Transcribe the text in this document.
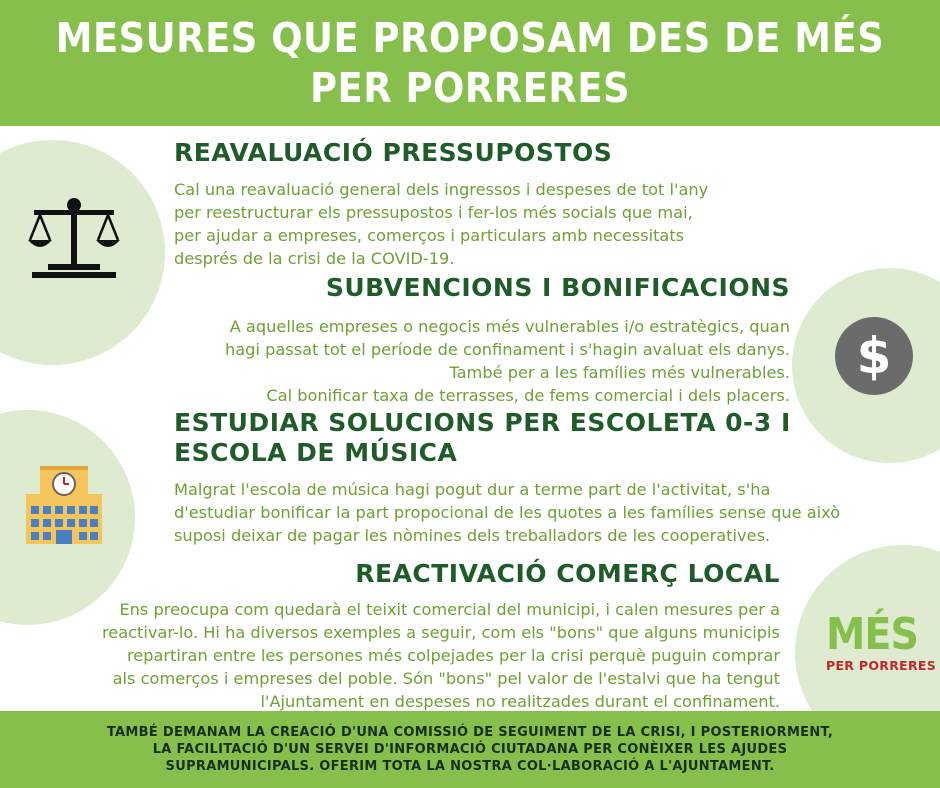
MESURES QUE PROPOSAM DES DE MÉS
PER PORRERES
REAVALUACIÓ PRESSUPOSTOS
Cal una reavaluació general dels ingressos i despeses de tot l'any
per reestructurar els pressupostos i fer-los més socials que mai,
per ajudar a empreses, comerços i particulars amb necessitats
després de la crisi de la COVID-19.
SUBVENCIONS I BONIFICACIONS
$
A aquelles empreses o negocis més vulnerables i/o estratègics, quan
hagi passat tot el període de confinament i s'hagin avaluat els danys.
També per a les famílies més vulnerables.
Cal bonificar taxa de terrasses, de fems comercial i dels placers.
ESTUDIAR SOLUCIONS PER ESCOLETA 0-3 I
ESCOLA DE MÚSICA
Malgrat l'escola de música hagi pogut dur a terme part de l'activitat, s'ha
d'estudiar bonificar la part propocional de les quotes a les famílies sense que això
suposi deixar de pagar les nòmines dels treballadors de les cooperatives.
REACTIVACIÓ COMERÇ LOCAL
Ens preocupa com quedarà el teixit comercial del municipi, i calen mesures per a
reactivar-lo. Hi ha diversos exemples a seguir, com els "bons" que alguns municipis
repartiran entre les persones més colpejades per la crisi perquè puguin comprar
als comerços i empreses del poble. Són "bons" pel valor de l'estalvi que ha tengut
l'Ajuntament en despeses no realitzades durant el confinament.
MÉS
PER PORRERES
TAMBÉ DEMANAM LA CREACIÓ D'UNA COMISSIÓ DE SEGUIMENT DE LA CRISI, I POSTERIORMENT,
LA FACILITACIÓ D'UN SERVEI D'INFORMACIÓ CIUTADANA PER CONÈIXER LES AJUDES
SUPRAMUNICIPALS. OFERIM TOTA LA NOSTRA COL·LABORACIÓ A L'AJUNTAMENT.
